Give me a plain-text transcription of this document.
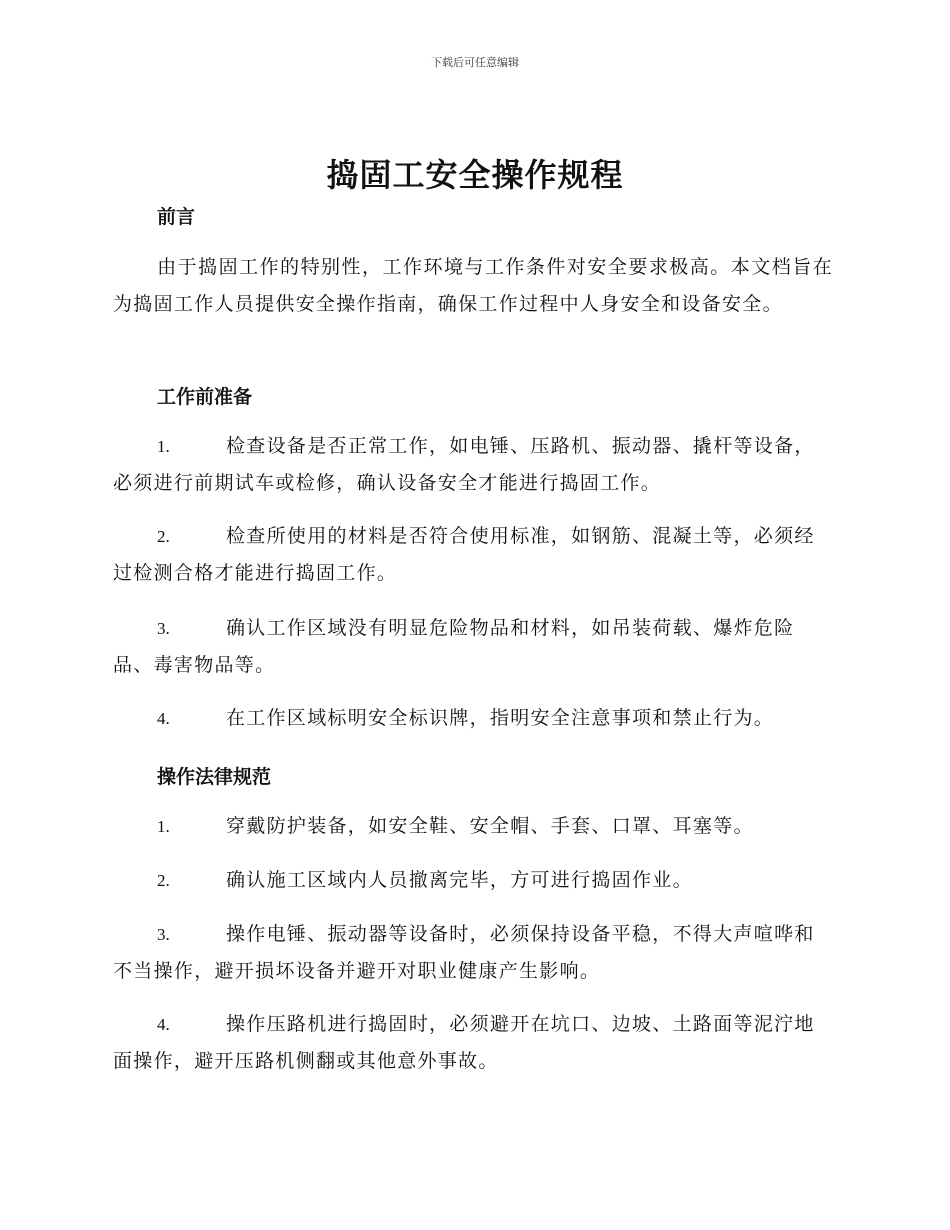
下载后可任意编辑
捣固工安全操作规程
前言

由于捣固工作的特别性，工作环境与工作条件对安全要求极高。本文档旨在为捣固工作人员提供安全操作指南，确保工作过程中人身安全和设备安全。

工作前准备

1.	检查设备是否正常工作，如电锤、压路机、振动器、撬杆等设备，必须进行前期试车或检修，确认设备安全才能进行捣固工作。

2.	检查所使用的材料是否符合使用标准，如钢筋、混凝土等，必须经过检测合格才能进行捣固工作。

3.	确认工作区域没有明显危险物品和材料，如吊装荷载、爆炸危险品、毒害物品等。

4.	在工作区域标明安全标识牌，指明安全注意事项和禁止行为。

操作法律规范

1.	穿戴防护装备，如安全鞋、安全帽、手套、口罩、耳塞等。

2.	确认施工区域内人员撤离完毕，方可进行捣固作业。

3.	操作电锤、振动器等设备时，必须保持设备平稳，不得大声喧哗和不当操作，避开损坏设备并避开对职业健康产生影响。

4.	操作压路机进行捣固时，必须避开在坑口、边坡、土路面等泥泞地面操作，避开压路机侧翻或其他意外事故。
